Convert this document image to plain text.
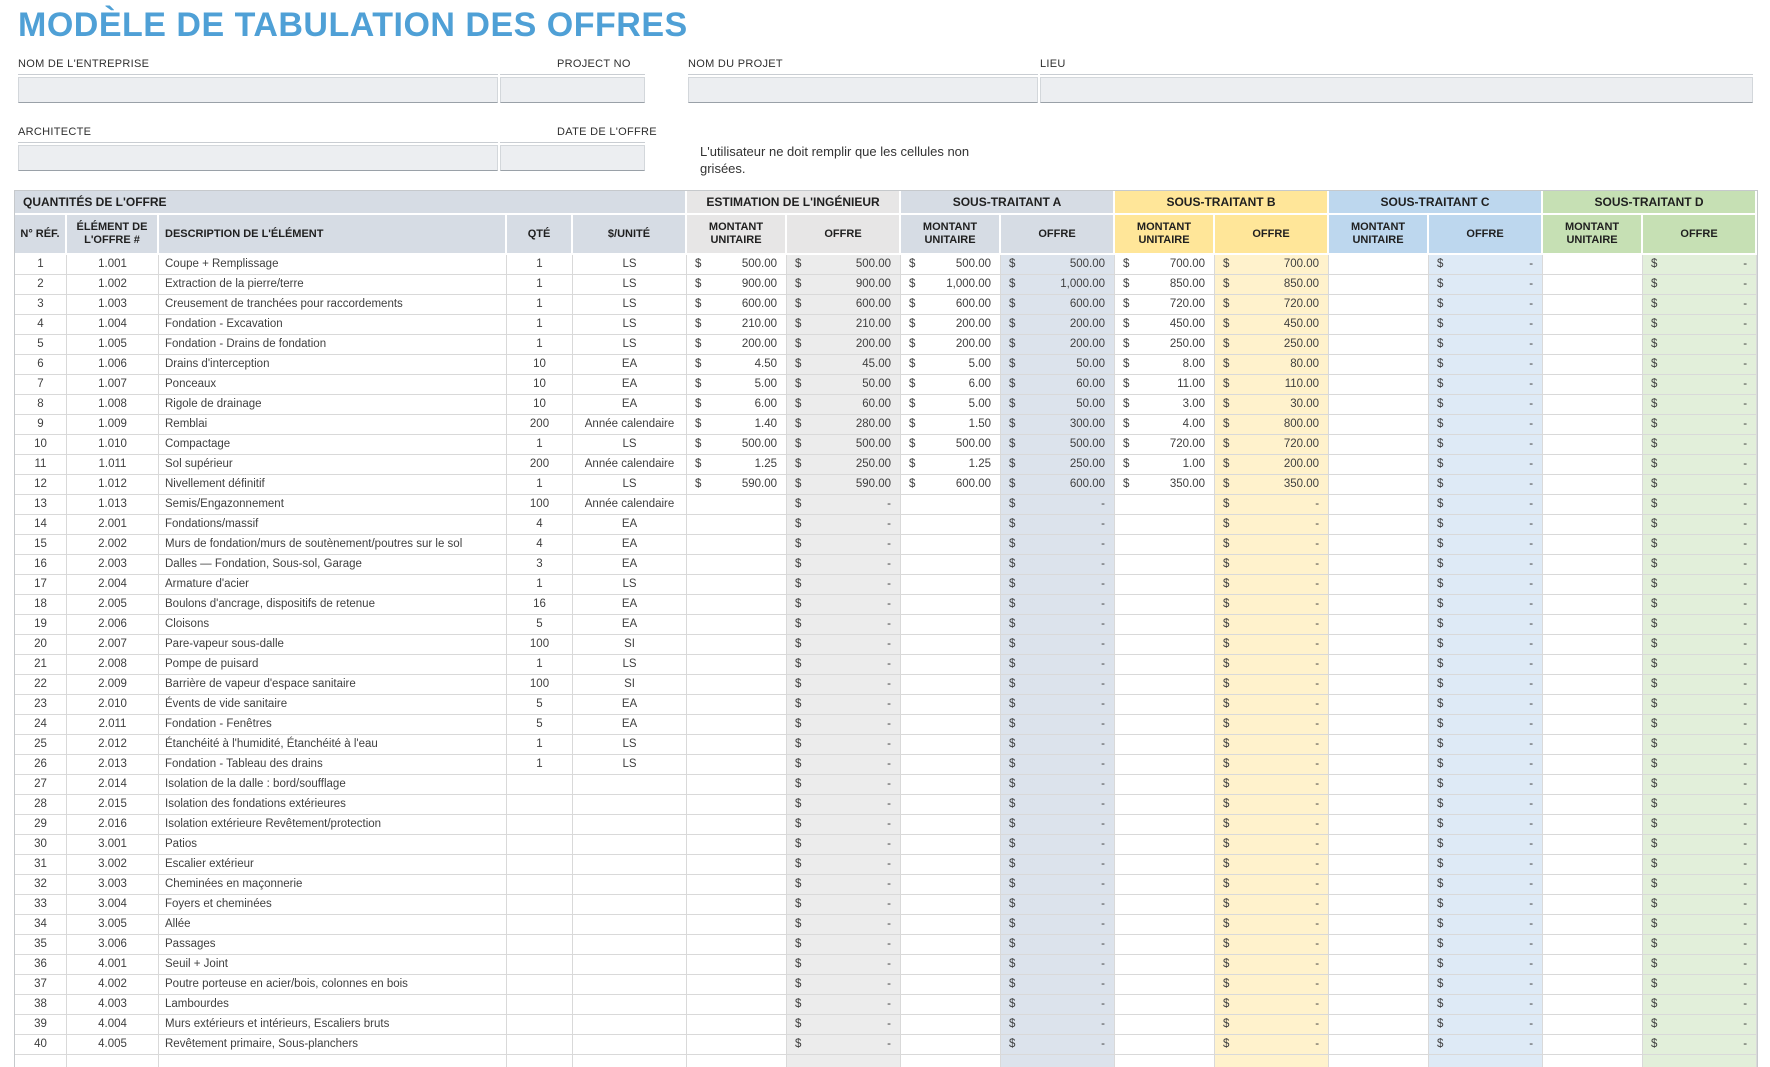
MODÈLE DE TABULATION DES OFFRES
NOM DE L'ENTREPRISE	PROJECT NO	NOM DU PROJET	LIEU
ARCHITECTE	DATE DE L'OFFRE
L'utilisateur ne doit remplir que les cellules non grisées.
QUANTITÉS DE L'OFFRE					ESTIMATION DE L'INGÉNIEUR		SOUS-TRAITANT A		SOUS-TRAITANT B		SOUS-TRAITANT C		SOUS-TRAITANT D	
N° RÉF.	ÉLÉMENT DE L'OFFRE #	DESCRIPTION DE L'ÉLÉMENT	QTÉ	$/UNITÉ	MONTANT UNITAIRE	OFFRE	MONTANT UNITAIRE	OFFRE	MONTANT UNITAIRE	OFFRE	MONTANT UNITAIRE	OFFRE	MONTANT UNITAIRE	OFFRE
1	1.001	Coupe + Remplissage	1	LS	$ 500.00	$ 500.00	$ 500.00	$ 500.00	$ 700.00	$ 700.00		$ -		$ -

2	1.002	Extraction de la pierre/terre	1	LS	$ 900.00	$ 900.00	$ 1,000.00	$ 1,000.00	$ 850.00	$ 850.00		$ -		$ -

3	1.003	Creusement de tranchées pour raccordements	1	LS	$ 600.00	$ 600.00	$ 600.00	$ 600.00	$ 720.00	$ 720.00		$ -		$ -

4	1.004	Fondation - Excavation	1	LS	$ 210.00	$ 210.00	$ 200.00	$ 200.00	$ 450.00	$ 450.00		$ -		$ -

5	1.005	Fondation - Drains de fondation	1	LS	$ 200.00	$ 200.00	$ 200.00	$ 200.00	$ 250.00	$ 250.00		$ -		$ -

6	1.006	Drains d'interception	10	EA	$ 4.50	$ 45.00	$ 5.00	$ 50.00	$ 8.00	$ 80.00		$ -		$ -

7	1.007	Ponceaux	10	EA	$ 5.00	$ 50.00	$ 6.00	$ 60.00	$ 11.00	$ 110.00		$ -		$ -

8	1.008	Rigole de drainage	10	EA	$ 6.00	$ 60.00	$ 5.00	$ 50.00	$ 3.00	$ 30.00		$ -		$ -

9	1.009	Remblai	200	Année calendaire	$ 1.40	$ 280.00	$ 1.50	$ 300.00	$ 4.00	$ 800.00		$ -		$ -

10	1.010	Compactage	1	LS	$ 500.00	$ 500.00	$ 500.00	$ 500.00	$ 720.00	$ 720.00		$ -		$ -

11	1.011	Sol supérieur	200	Année calendaire	$ 1.25	$ 250.00	$ 1.25	$ 250.00	$ 1.00	$ 200.00		$ -		$ -

12	1.012	Nivellement définitif	1	LS	$ 590.00	$ 590.00	$ 600.00	$ 600.00	$ 350.00	$ 350.00		$ -		$ -

13	1.013	Semis/Engazonnement	100	Année calendaire		$ -		$ -		$ -		$ -		$ -

14	2.001	Fondations/massif	4	EA		$ -		$ -		$ -		$ -		$ -

15	2.002	Murs de fondation/murs de soutènement/poutres sur le sol	4	EA		$ -		$ -		$ -		$ -		$ -

16	2.003	Dalles — Fondation, Sous-sol, Garage	3	EA		$ -		$ -		$ -		$ -		$ -

17	2.004	Armature d'acier	1	LS		$ -		$ -		$ -		$ -		$ -

18	2.005	Boulons d'ancrage, dispositifs de retenue	16	EA		$ -		$ -		$ -		$ -		$ -

19	2.006	Cloisons	5	EA		$ -		$ -		$ -		$ -		$ -

20	2.007	Pare-vapeur sous-dalle	100	SI		$ -		$ -		$ -		$ -		$ -

21	2.008	Pompe de puisard	1	LS		$ -		$ -		$ -		$ -		$ -

22	2.009	Barrière de vapeur d'espace sanitaire	100	SI		$ -		$ -		$ -		$ -		$ -

23	2.010	Évents de vide sanitaire	5	EA		$ -		$ -		$ -		$ -		$ -

24	2.011	Fondation - Fenêtres	5	EA		$ -		$ -		$ -		$ -		$ -

25	2.012	Étanchéité à l'humidité, Étanchéité à l'eau	1	LS		$ -		$ -		$ -		$ -		$ -

26	2.013	Fondation - Tableau des drains	1	LS		$ -		$ -		$ -		$ -		$ -

27	2.014	Isolation de la dalle : bord/soufflage				$ -		$ -		$ -		$ -		$ -

28	2.015	Isolation des fondations extérieures				$ -		$ -		$ -		$ -		$ -

29	2.016	Isolation extérieure Revêtement/protection				$ -		$ -		$ -		$ -		$ -

30	3.001	Patios				$ -		$ -		$ -		$ -		$ -

31	3.002	Escalier extérieur				$ -		$ -		$ -		$ -		$ -

32	3.003	Cheminées en maçonnerie				$ -		$ -		$ -		$ -		$ -

33	3.004	Foyers et cheminées				$ -		$ -		$ -		$ -		$ -

34	3.005	Allée				$ -		$ -		$ -		$ -		$ -

35	3.006	Passages				$ -		$ -		$ -		$ -		$ -

36	4.001	Seuil + Joint				$ -		$ -		$ -		$ -		$ -

37	4.002	Poutre porteuse en acier/bois, colonnes en bois				$ -		$ -		$ -		$ -		$ -

38	4.003	Lambourdes				$ -		$ -		$ -		$ -		$ -

39	4.004	Murs extérieurs et intérieurs, Escaliers bruts				$ -		$ -		$ -		$ -		$ -

40	4.005	Revêtement primaire, Sous-planchers				$ -		$ -		$ -		$ -		$ -
